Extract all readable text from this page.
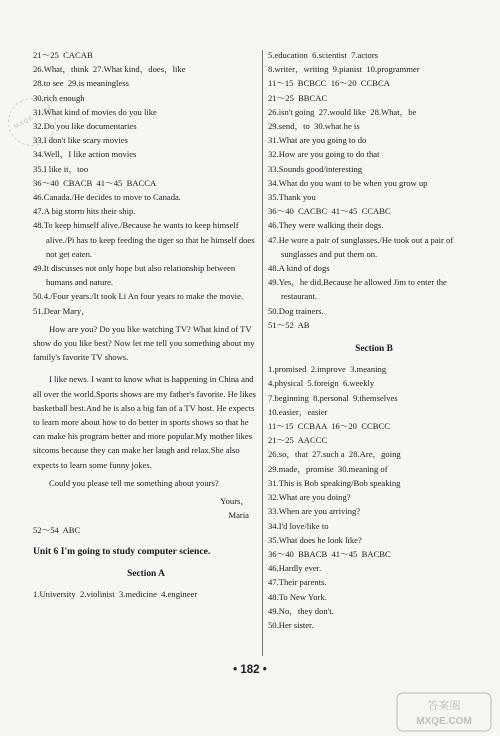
MXQE.COM
21～25  CACAB
26.What，think  27.What kind，does，like
28.to see  29.is meaningless
30.rich enough
31.What kind of movies do you like
32.Do you like documentaries
33.I don't like scary movies
34.Well，I like action movies
35.I like it，too
36～40  CBACB  41～45  BACCA
46.Canada./He decides to move to Canada.
47.A big storm hits their ship.
48.To keep himself alive./Because he wants to keep himself alive./Pi has to keep feeding the tiger so that he himself does not get eaten.
49.It discusses not only hope but also relationship between humans and nature.
50.4./Four years./It took Li An four years to make the movie.
51.Dear Mary，
How are you? Do you like watching TV? What kind of TV show do you like best? Now let me tell you something about my family's favorite TV shows.
I like news. I want to know what is happening in China and all over the world.Sports shows are my father's favorite. He likes basketball best.And he is also a big fan of a TV host. He expects to learn more about how to do better in sports shows so that he can make his program better and more popular.My mother likes sitcoms because they can make her laugh and relax.She also expects to learn some funny jokes.
Could you please tell me something about yours?
Yours，
Maria
52～54  ABC
Unit 6 I'm going to study computer science.
Section A
1.University  2.violinist  3.medicine  4.engineer
5.education  6.scientist  7.actors
8.writer，writing  9.pianist  10.programmer
11～15  BCBCC  16～20  CCBCA
21～25  BBCAC
26.isn't going  27.would like  28.What，be
29.send，to  30.what he is
31.What are you going to do
32.How are you going to do that
33.Sounds good/interesting
34.What do you want to be when you grow up
35.Thank you
36～40  CACBC  41～45  CCABC
46.They were walking their dogs.
47.He wore a pair of sunglasses./He took out a pair of sunglasses and put them on.
48.A kind of dogs
49.Yes，he did.Because he allowed Jim to enter the restaurant.
50.Dog trainers.
51～52  AB
Section B
1.promised  2.improve  3.meaning
4.physical  5.foreign  6.weekly
7.beginning  8.personal  9.themselves
10.easier，easier
11～15  CCBAA  16～20  CCBCC
21～25  AACCC
26.so，that  27.such a  28.Are，going
29.made，promise  30.meaning of
31.This is Bob speaking/Bob speaking
32.What are you doing?
33.When are you arriving?
34.I'd love/like to
35.What does he look like?
36～40  BBACB  41～45  BACBC
46.Hardly ever.
47.Their parents.
48.To New York.
49.No，they don't.
50.Her sister.
• 182 •
答案圈
MXQE.COM
